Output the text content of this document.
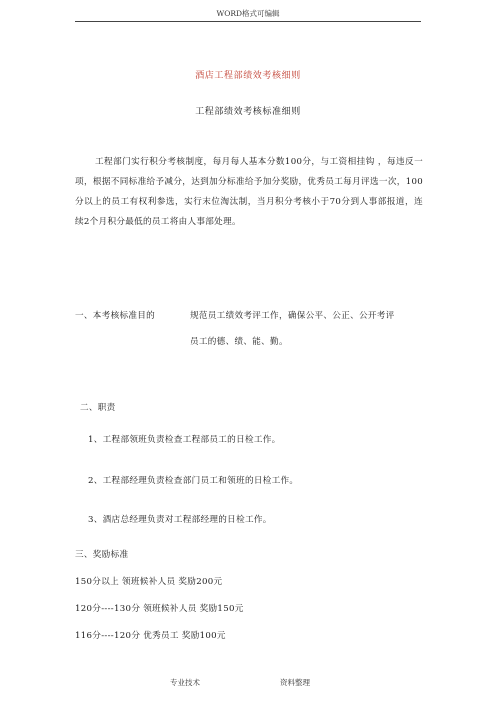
WORD格式可编辑
酒店工程部绩效考核细则
工程部绩效考核标准细则
工程部门实行积分考核制度，每月每人基本分数100分，与工资相挂钩 ，每违反一项，根据不同标准给予减分，达到加分标准给予加分奖励，优秀员工每月评选一次，100分以上的员工有权利参选，实行末位淘汰制，当月积分考核小于70分到人事部报道，连续2个月积分最低的员工将由人事部处理。
一、本考核标准目的	规范员工绩效考评工作，确保公平、公正、公开考评
员工的德、绩、能、勤。
二、职责
1、工程部领班负责检查工程部员工的日检工作。
2、工程部经理负责检查部门员工和领班的日检工作。
3、酒店总经理负责对工程部经理的日检工作。
三、奖励标准
150分以上 领班候补人员 奖励200元
120分----130分 领班候补人员 奖励150元
116分----120分 优秀员工 奖励100元
专业技术	资料整理
